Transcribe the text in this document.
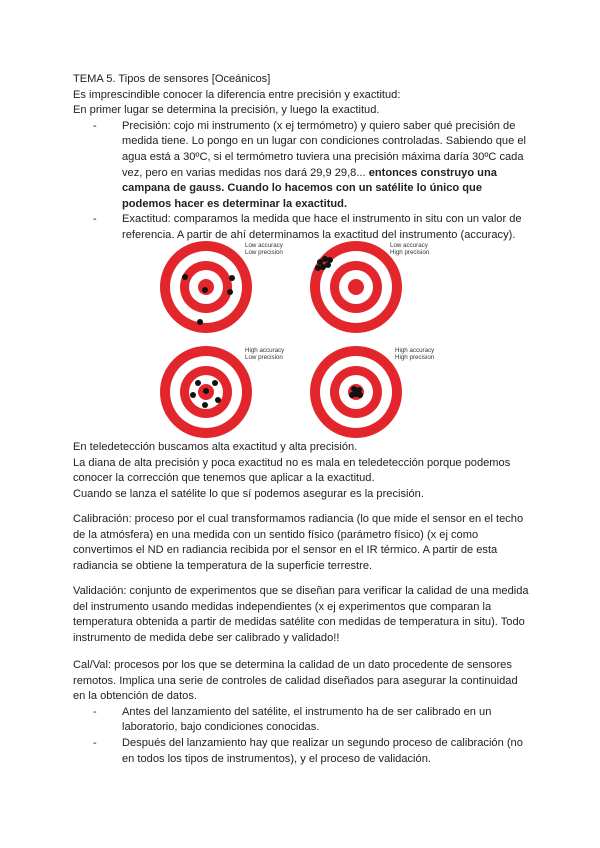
TEMA 5. Tipos de sensores [Oceánicos]

Es imprescindible conocer la diferencia entre precisión y exactitud:

En primer lugar se determina la precisión, y luego la exactitud.

- Precisión: cojo mi instrumento (x ej termómetro) y quiero saber qué precisión de medida tiene. Lo pongo en un lugar con condiciones controladas. Sabiendo que el agua está a 30ºC, si el termómetro tuviera una precisión máxima daría 30ºC cada vez, pero en varias medidas nos dará 29,9 29,8... entonces construyo una campana de gauss. Cuando lo hacemos con un satélite lo único que podemos hacer es determinar la exactitud.

- Exactitud: comparamos la medida que hace el instrumento in situ con un valor de referencia. A partir de ahí determinamos la exactitud del instrumento (accuracy).

Low accuracy
Low precision
Low accuracy
High precision
High accuracy
Low precision
High accuracy
High precision

En teledetección buscamos alta exactitud y alta precisión.

La diana de alta precisión y poca exactitud no es mala en teledetección porque podemos conocer la corrección que tenemos que aplicar a la exactitud.

Cuando se lanza el satélite lo que sí podemos asegurar es la precisión.

Calibración: proceso por el cual transformamos radiancia (lo que mide el sensor en el techo de la atmósfera) en una medida con un sentido físico (parámetro físico) (x ej como convertimos el ND en radiancia recibida por el sensor en el IR térmico. A partir de esta radiancia se obtiene la temperatura de la superficie terrestre.

Validación: conjunto de experimentos que se diseñan para verificar la calidad de una medida del instrumento usando medidas independientes (x ej experimentos que comparan la temperatura obtenida a partir de medidas satélite con medidas de temperatura in situ). Todo instrumento de medida debe ser calibrado y validado!!

Cal/Val: procesos por los que se determina la calidad de un dato procedente de sensores remotos. Implica una serie de controles de calidad diseñados para asegurar la continuidad en la obtención de datos.

- Antes del lanzamiento del satélite, el instrumento ha de ser calibrado en un laboratorio, bajo condiciones conocidas.

- Después del lanzamiento hay que realizar un segundo proceso de calibración (no en todos los tipos de instrumentos), y el proceso de validación.
